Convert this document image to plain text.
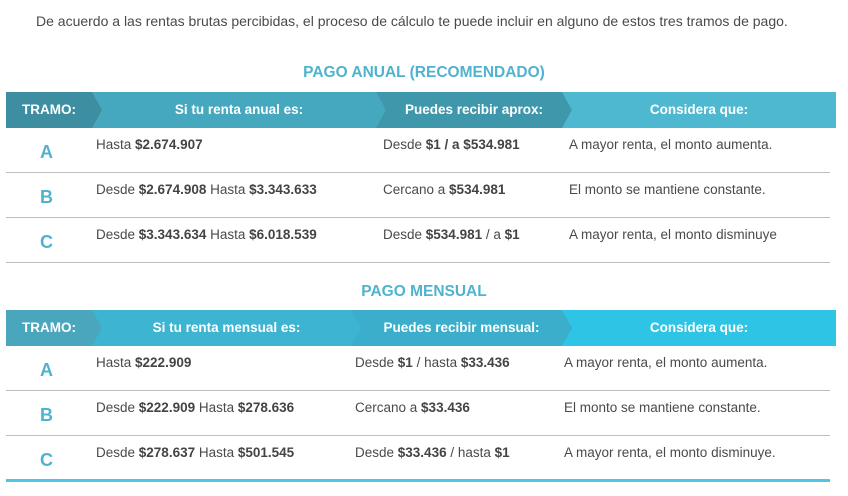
De acuerdo a las rentas brutas percibidas, el proceso de cálculo te puede incluir en alguno de estos tres tramos de pago.
PAGO ANUAL (RECOMENDADO)
TRAMO:	Si tu renta anual es:	Puedes recibir aprox:	Considera que:
A	Hasta $2.674.907	Desde $1 / a $534.981	A mayor renta, el monto aumenta.
B	Desde $2.674.908 Hasta $3.343.633	Cercano a $534.981	El monto se mantiene constante.
C	Desde $3.343.634 Hasta $6.018.539	Desde $534.981 / a $1	A mayor renta, el monto disminuye
PAGO MENSUAL
TRAMO:	Si tu renta mensual es:	Puedes recibir mensual:	Considera que:
A	Hasta $222.909	Desde $1 / hasta $33.436	A mayor renta, el monto aumenta.
B	Desde $222.909 Hasta $278.636	Cercano a $33.436	El monto se mantiene constante.
C	Desde $278.637 Hasta $501.545	Desde $33.436 / hasta $1	A mayor renta, el monto disminuye.
